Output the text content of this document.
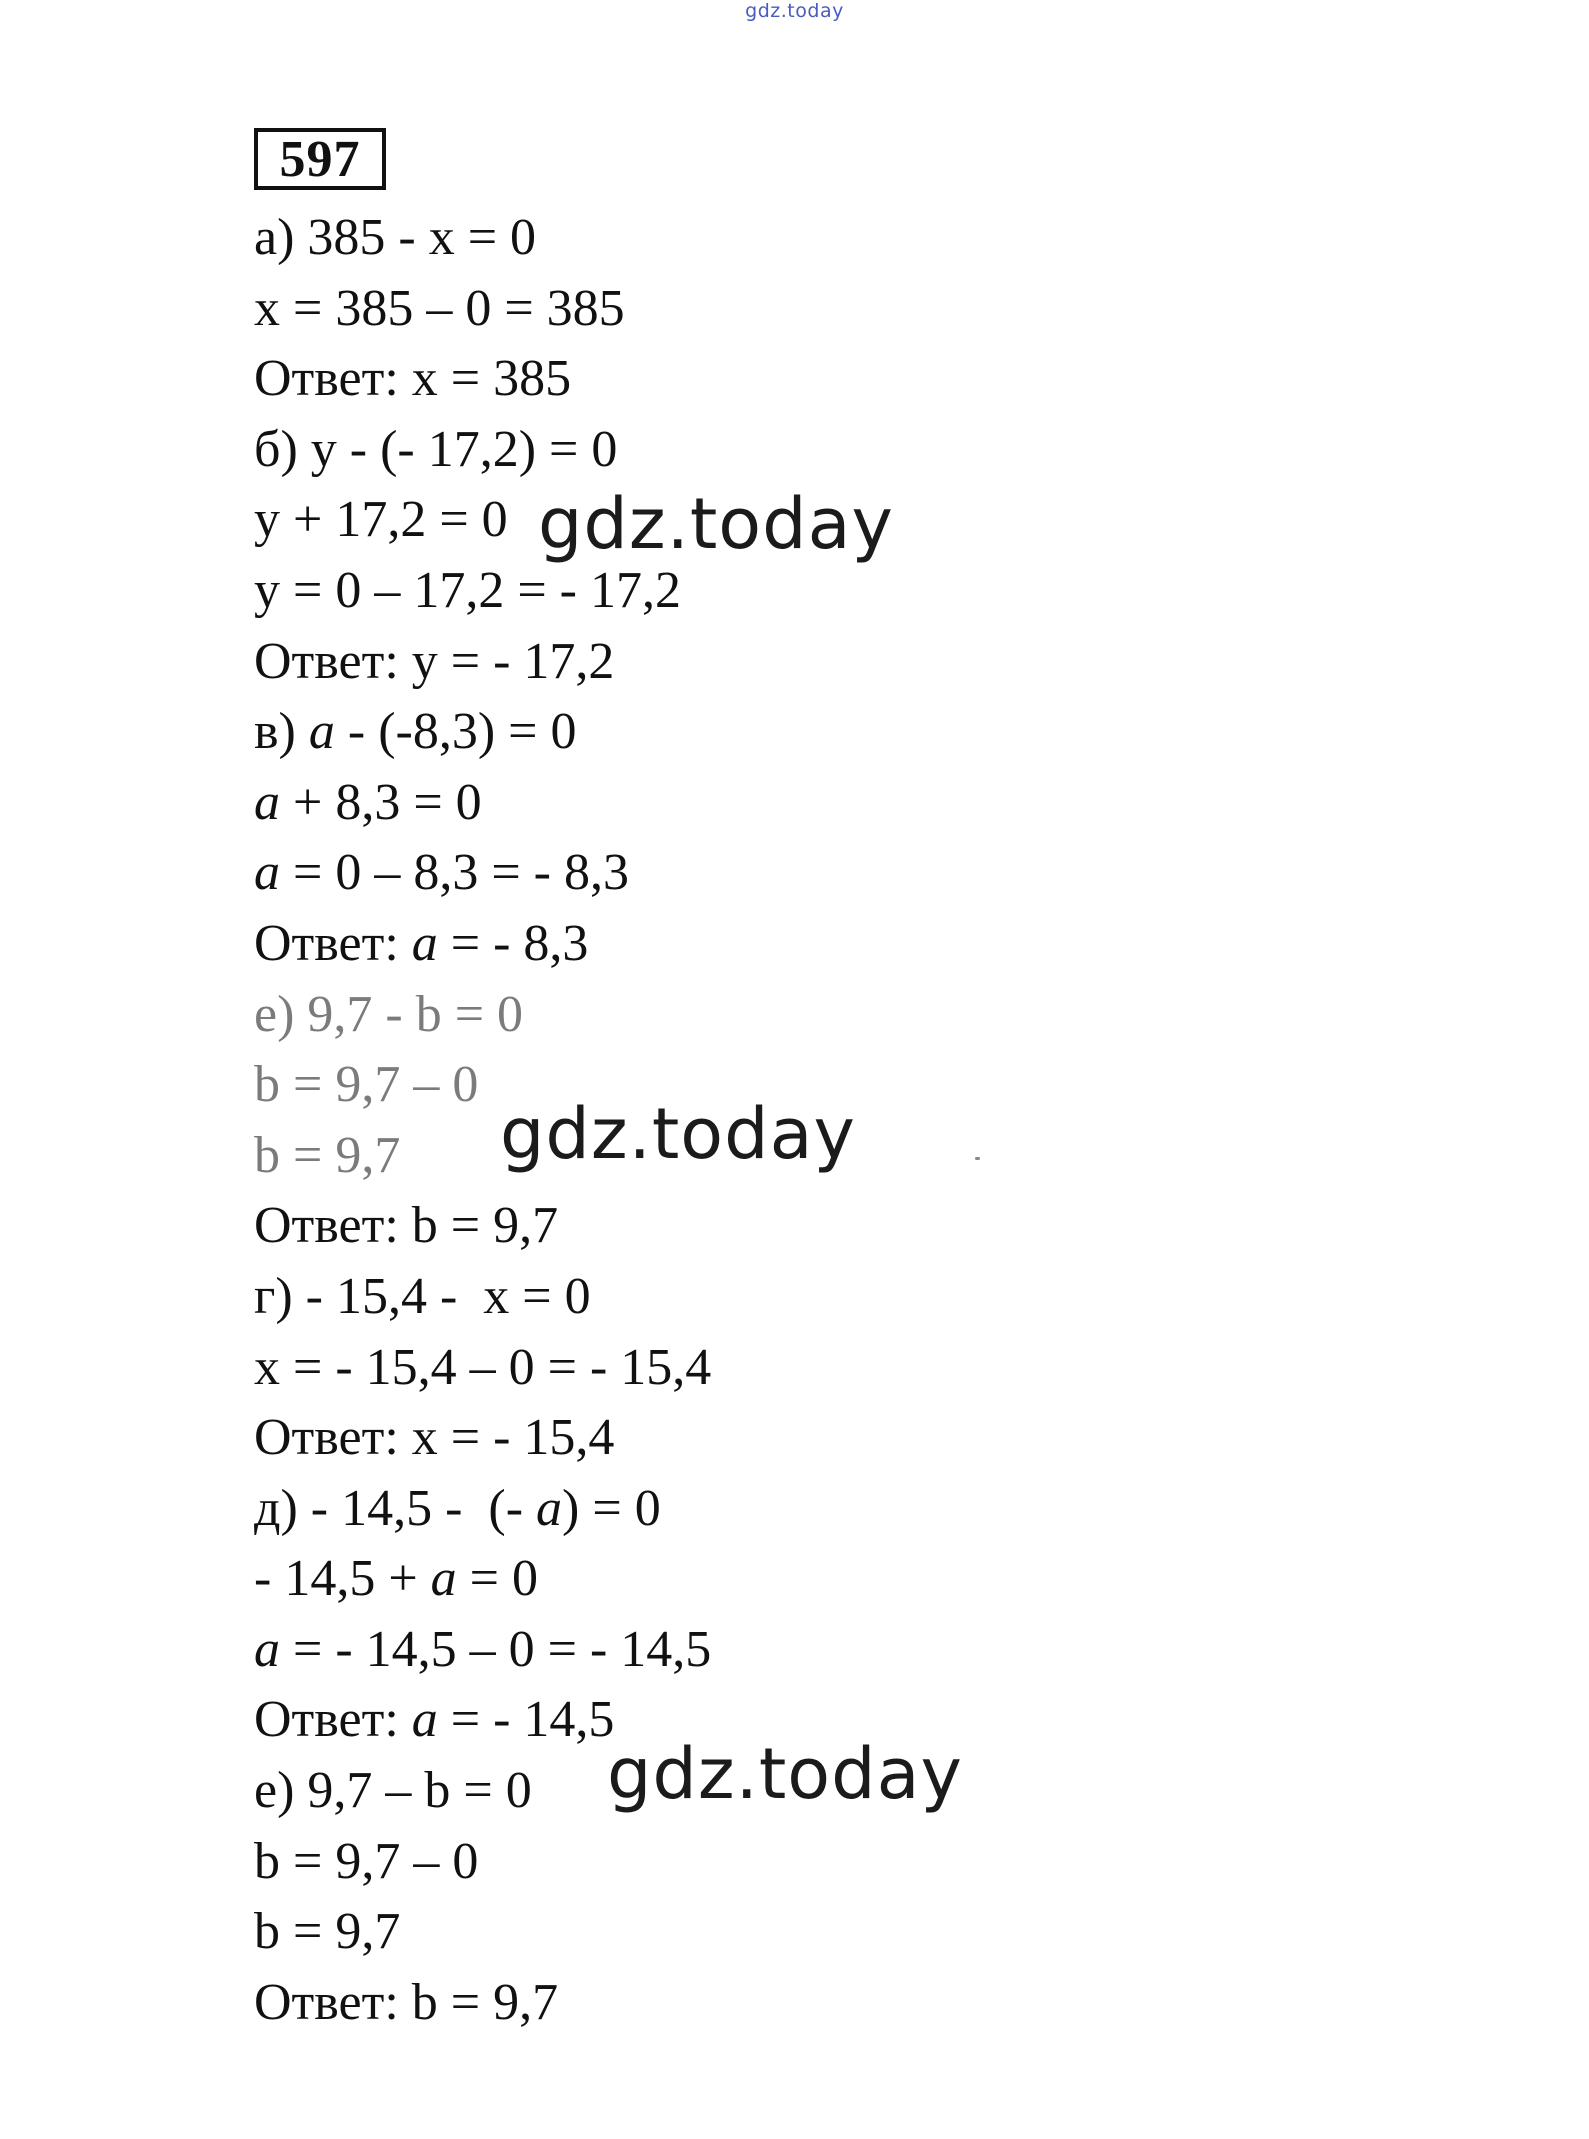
gdz.today
597
а) 385 - x = 0
x = 385 – 0 = 385
Ответ: x = 385
б) y - (- 17,2) = 0
y + 17,2 = 0
y = 0 – 17,2 = - 17,2
Ответ: y = - 17,2
в) a - (-8,3) = 0
a + 8,3 = 0
a = 0 – 8,3 = - 8,3
Ответ: a = - 8,3
е) 9,7 - b = 0
b = 9,7 – 0
b = 9,7
Ответ: b = 9,7
г) - 15,4 -  x = 0
x = - 15,4 – 0 = - 15,4
Ответ: x = - 15,4
д) - 14,5 -  (- a) = 0
- 14,5 + a = 0
a = - 14,5 – 0 = - 14,5
Ответ: a = - 14,5
е) 9,7 – b = 0
b = 9,7 – 0
b = 9,7
Ответ: b = 9,7
gdz.today
gdz.today
gdz.today
